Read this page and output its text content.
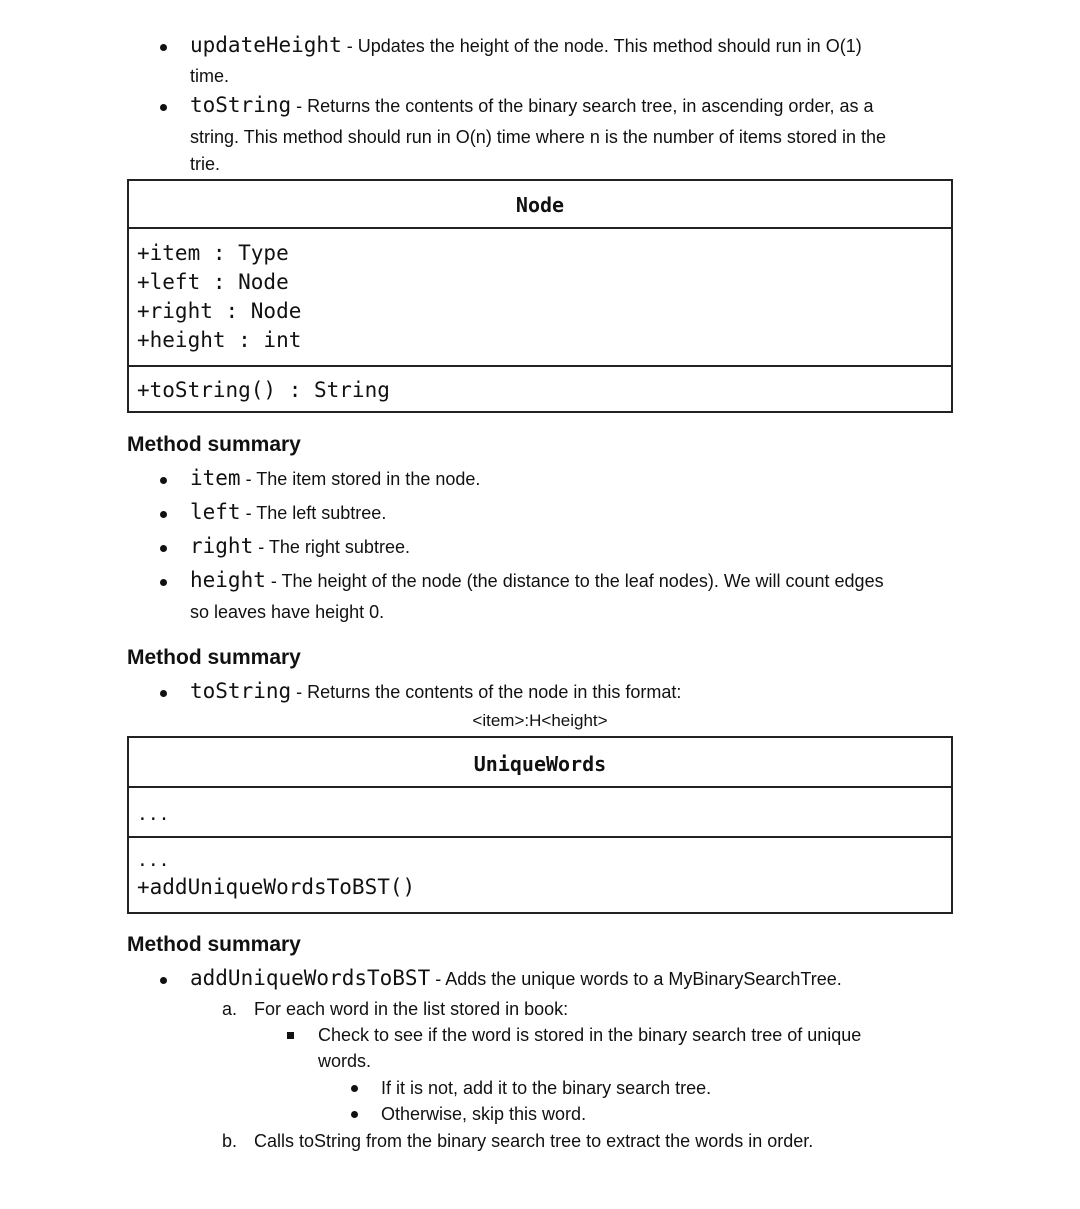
updateHeight - Updates the height of the node. This method should run in O(1)
time.
toString - Returns the contents of the binary search tree, in ascending order, as a
string. This method should run in O(n) time where n is the number of items stored in the
trie.
Node
+item : Type
+left : Node
+right : Node
+height : int
+toString() : String
Method summary
item - The item stored in the node.
left - The left subtree.
right - The right subtree.
height - The height of the node (the distance to the leaf nodes). We will count edges
so leaves have height 0.
Method summary
toString - Returns the contents of the node in this format:
<item>:H<height>
UniqueWords
...
...
+addUniqueWordsToBST()
Method summary
addUniqueWordsToBST - Adds the unique words to a MyBinarySearchTree.
a. For each word in the list stored in book:
Check to see if the word is stored in the binary search tree of unique
words.
If it is not, add it to the binary search tree.
Otherwise, skip this word.
b. Calls toString from the binary search tree to extract the words in order.
